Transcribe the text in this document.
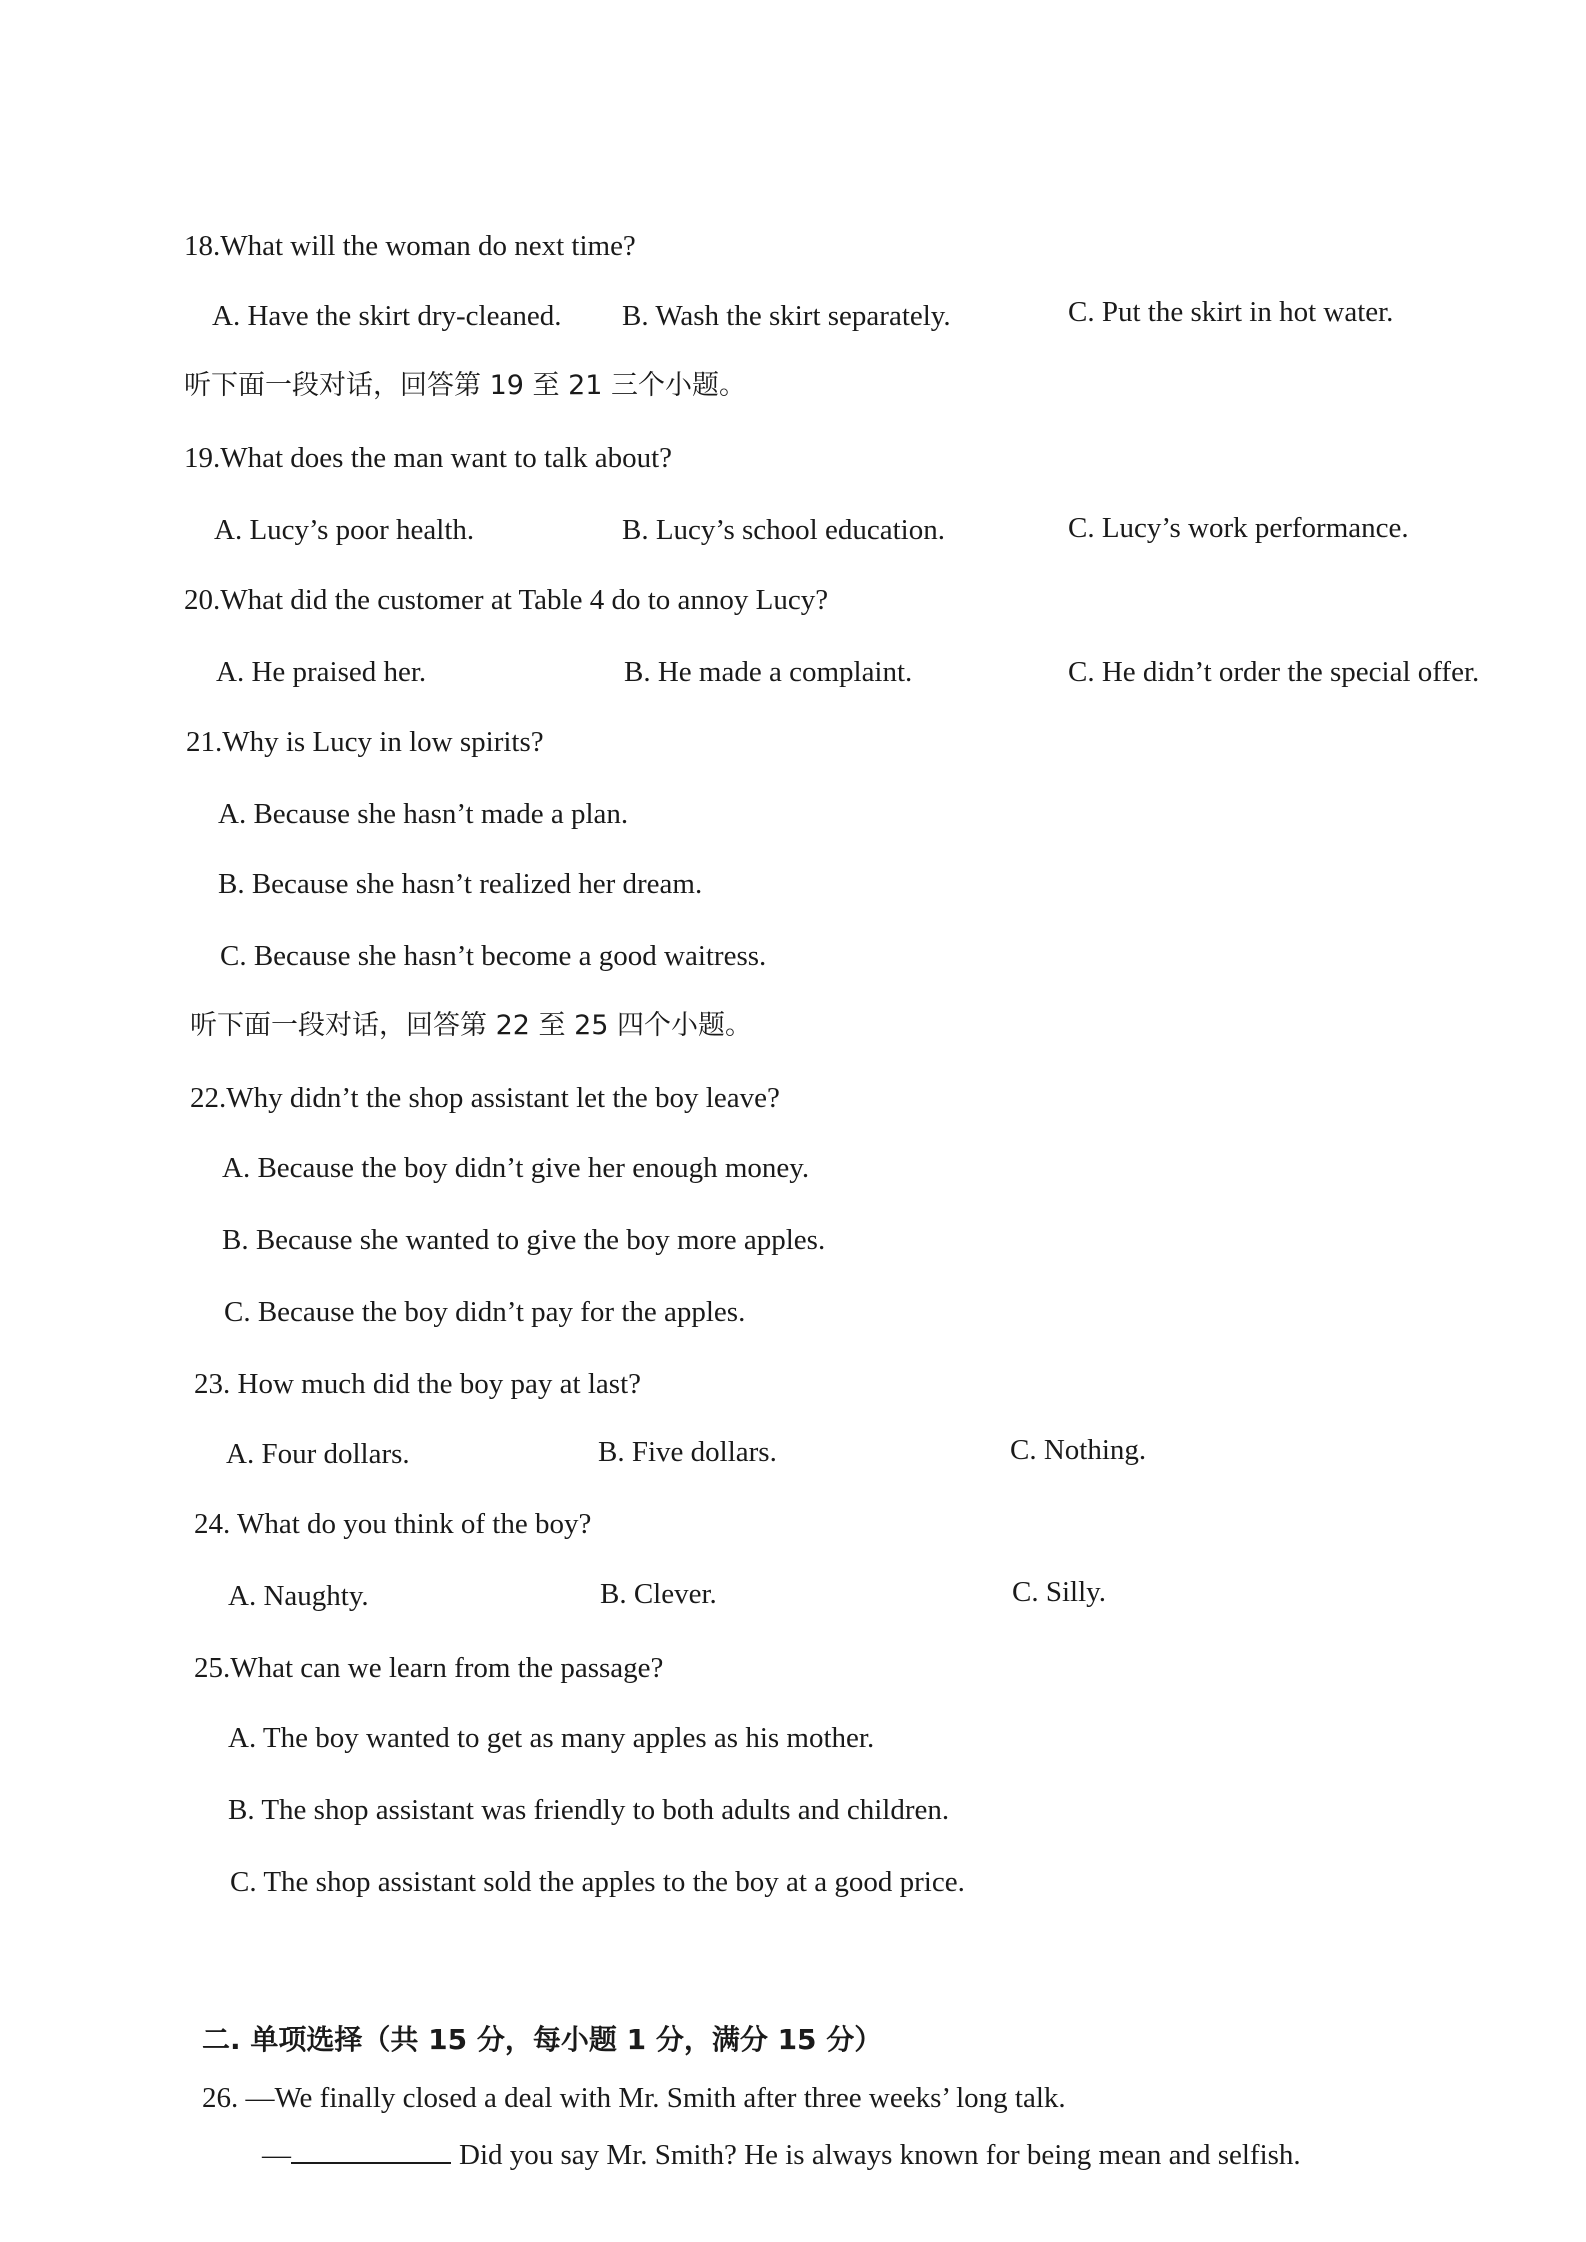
18.What will the woman do next time?
A. Have the skirt dry-cleaned. B. Wash the skirt separately.	C. Put the skirt in hot water.
听下面一段对话，回答第 19 至 21 三个小题。
19.What does the man want to talk about?
A. Lucy’s poor health.	B. Lucy’s school education.	C. Lucy’s work performance.
20.What did the customer at Table 4 do to annoy Lucy?
A. He praised her.	B. He made a complaint.	C. He didn’t order the special offer.
21.Why is Lucy in low spirits?
A. Because she hasn’t made a plan.
B. Because she hasn’t realized her dream.
C. Because she hasn’t become a good waitress.
听下面一段对话，回答第 22 至 25 四个小题。
22.Why didn’t the shop assistant let the boy leave?
A. Because the boy didn’t give her enough money.
B. Because she wanted to give the boy more apples.
C. Because the boy didn’t pay for the apples.
23. How much did the boy pay at last?
A. Four dollars.	B. Five dollars.	C. Nothing.
24. What do you think of the boy?
A. Naughty.	B. Clever.	C. Silly.
25.What can we learn from the passage?
A. The boy wanted to get as many apples as his mother.
B. The shop assistant was friendly to both adults and children.
C. The shop assistant sold the apples to the boy at a good price.
二. 单项选择（共 15 分，每小题 1 分，满分 15 分）
26. —We finally closed a deal with Mr. Smith after three weeks’ long talk.
—	Did you say Mr. Smith? He is always known for being mean and selfish.
